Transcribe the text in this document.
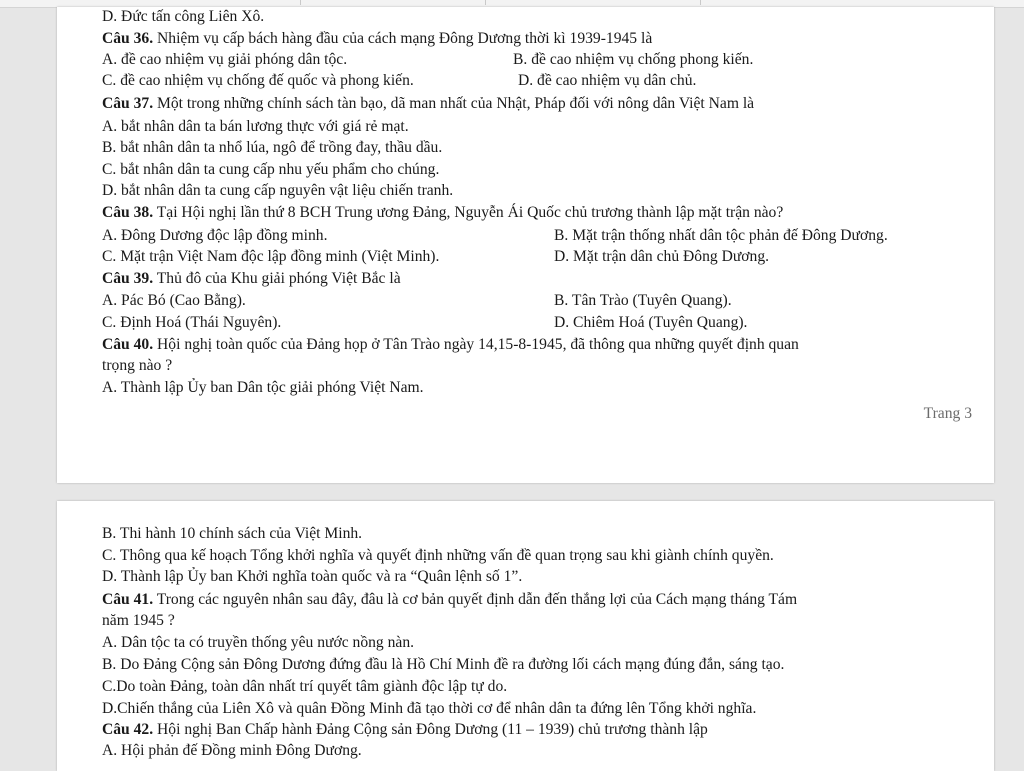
D. Đức tấn công Liên Xô.
Câu 36. Nhiệm vụ cấp bách hàng đầu của cách mạng Đông Dương thời kì 1939-1945 là
A. đề cao nhiệm vụ giải phóng dân tộc.	B. đề cao nhiệm vụ chống phong kiến.
C. đề cao nhiệm vụ chống đế quốc và phong kiến.	D. đề cao nhiệm vụ dân chủ.
Câu 37. Một trong những chính sách tàn bạo, dã man nhất của Nhật, Pháp đối với nông dân Việt Nam là
A. bắt nhân dân ta bán lương thực với giá rẻ mạt.
B. bắt nhân dân ta nhổ lúa, ngô để trồng đay, thầu dầu.
C. bắt nhân dân ta cung cấp nhu yếu phẩm cho chúng.
D. bắt nhân dân ta cung cấp nguyên vật liệu chiến tranh.
Câu 38. Tại Hội nghị lần thứ 8 BCH Trung ương Đảng, Nguyễn Ái Quốc chủ trương thành lập mặt trận nào?
A. Đông Dương độc lập đồng minh.	B. Mặt trận thống nhất dân tộc phản đế Đông Dương.
C. Mặt trận Việt Nam độc lập đồng minh (Việt Minh).	D. Mặt trận dân chủ Đông Dương.
Câu 39. Thủ đô của Khu giải phóng Việt Bắc là
A. Pác Bó (Cao Bằng).	B. Tân Trào (Tuyên Quang).
C. Định Hoá (Thái Nguyên).	D. Chiêm Hoá (Tuyên Quang).
Câu 40. Hội nghị toàn quốc của Đảng họp ở Tân Trào ngày 14,15-8-1945, đã thông qua những quyết định quan
trọng nào ?
A. Thành lập Ủy ban Dân tộc giải phóng Việt Nam.
Trang 3
B. Thi hành 10 chính sách của Việt Minh.
C. Thông qua kế hoạch Tổng khởi nghĩa và quyết định những vấn đề quan trọng sau khi giành chính quyền.
D. Thành lập Ủy ban Khởi nghĩa toàn quốc và ra “Quân lệnh số 1”.
Câu 41. Trong các nguyên nhân sau đây, đâu là cơ bản quyết định dẫn đến thắng lợi của Cách mạng tháng Tám
năm 1945 ?
A. Dân tộc ta có truyền thống yêu nước nồng nàn.
B. Do Đảng Cộng sản Đông Dương đứng đầu là Hồ Chí Minh đề ra đường lối cách mạng đúng đắn, sáng tạo.
C.Do toàn Đảng, toàn dân nhất trí quyết tâm giành độc lập tự do.
D.Chiến thắng của Liên Xô và quân Đồng Minh đã tạo thời cơ để nhân dân ta đứng lên Tổng khởi nghĩa.
Câu 42. Hội nghị Ban Chấp hành Đảng Cộng sản Đông Dương (11 – 1939) chủ trương thành lập
A. Hội phản đế Đồng minh Đông Dương.
